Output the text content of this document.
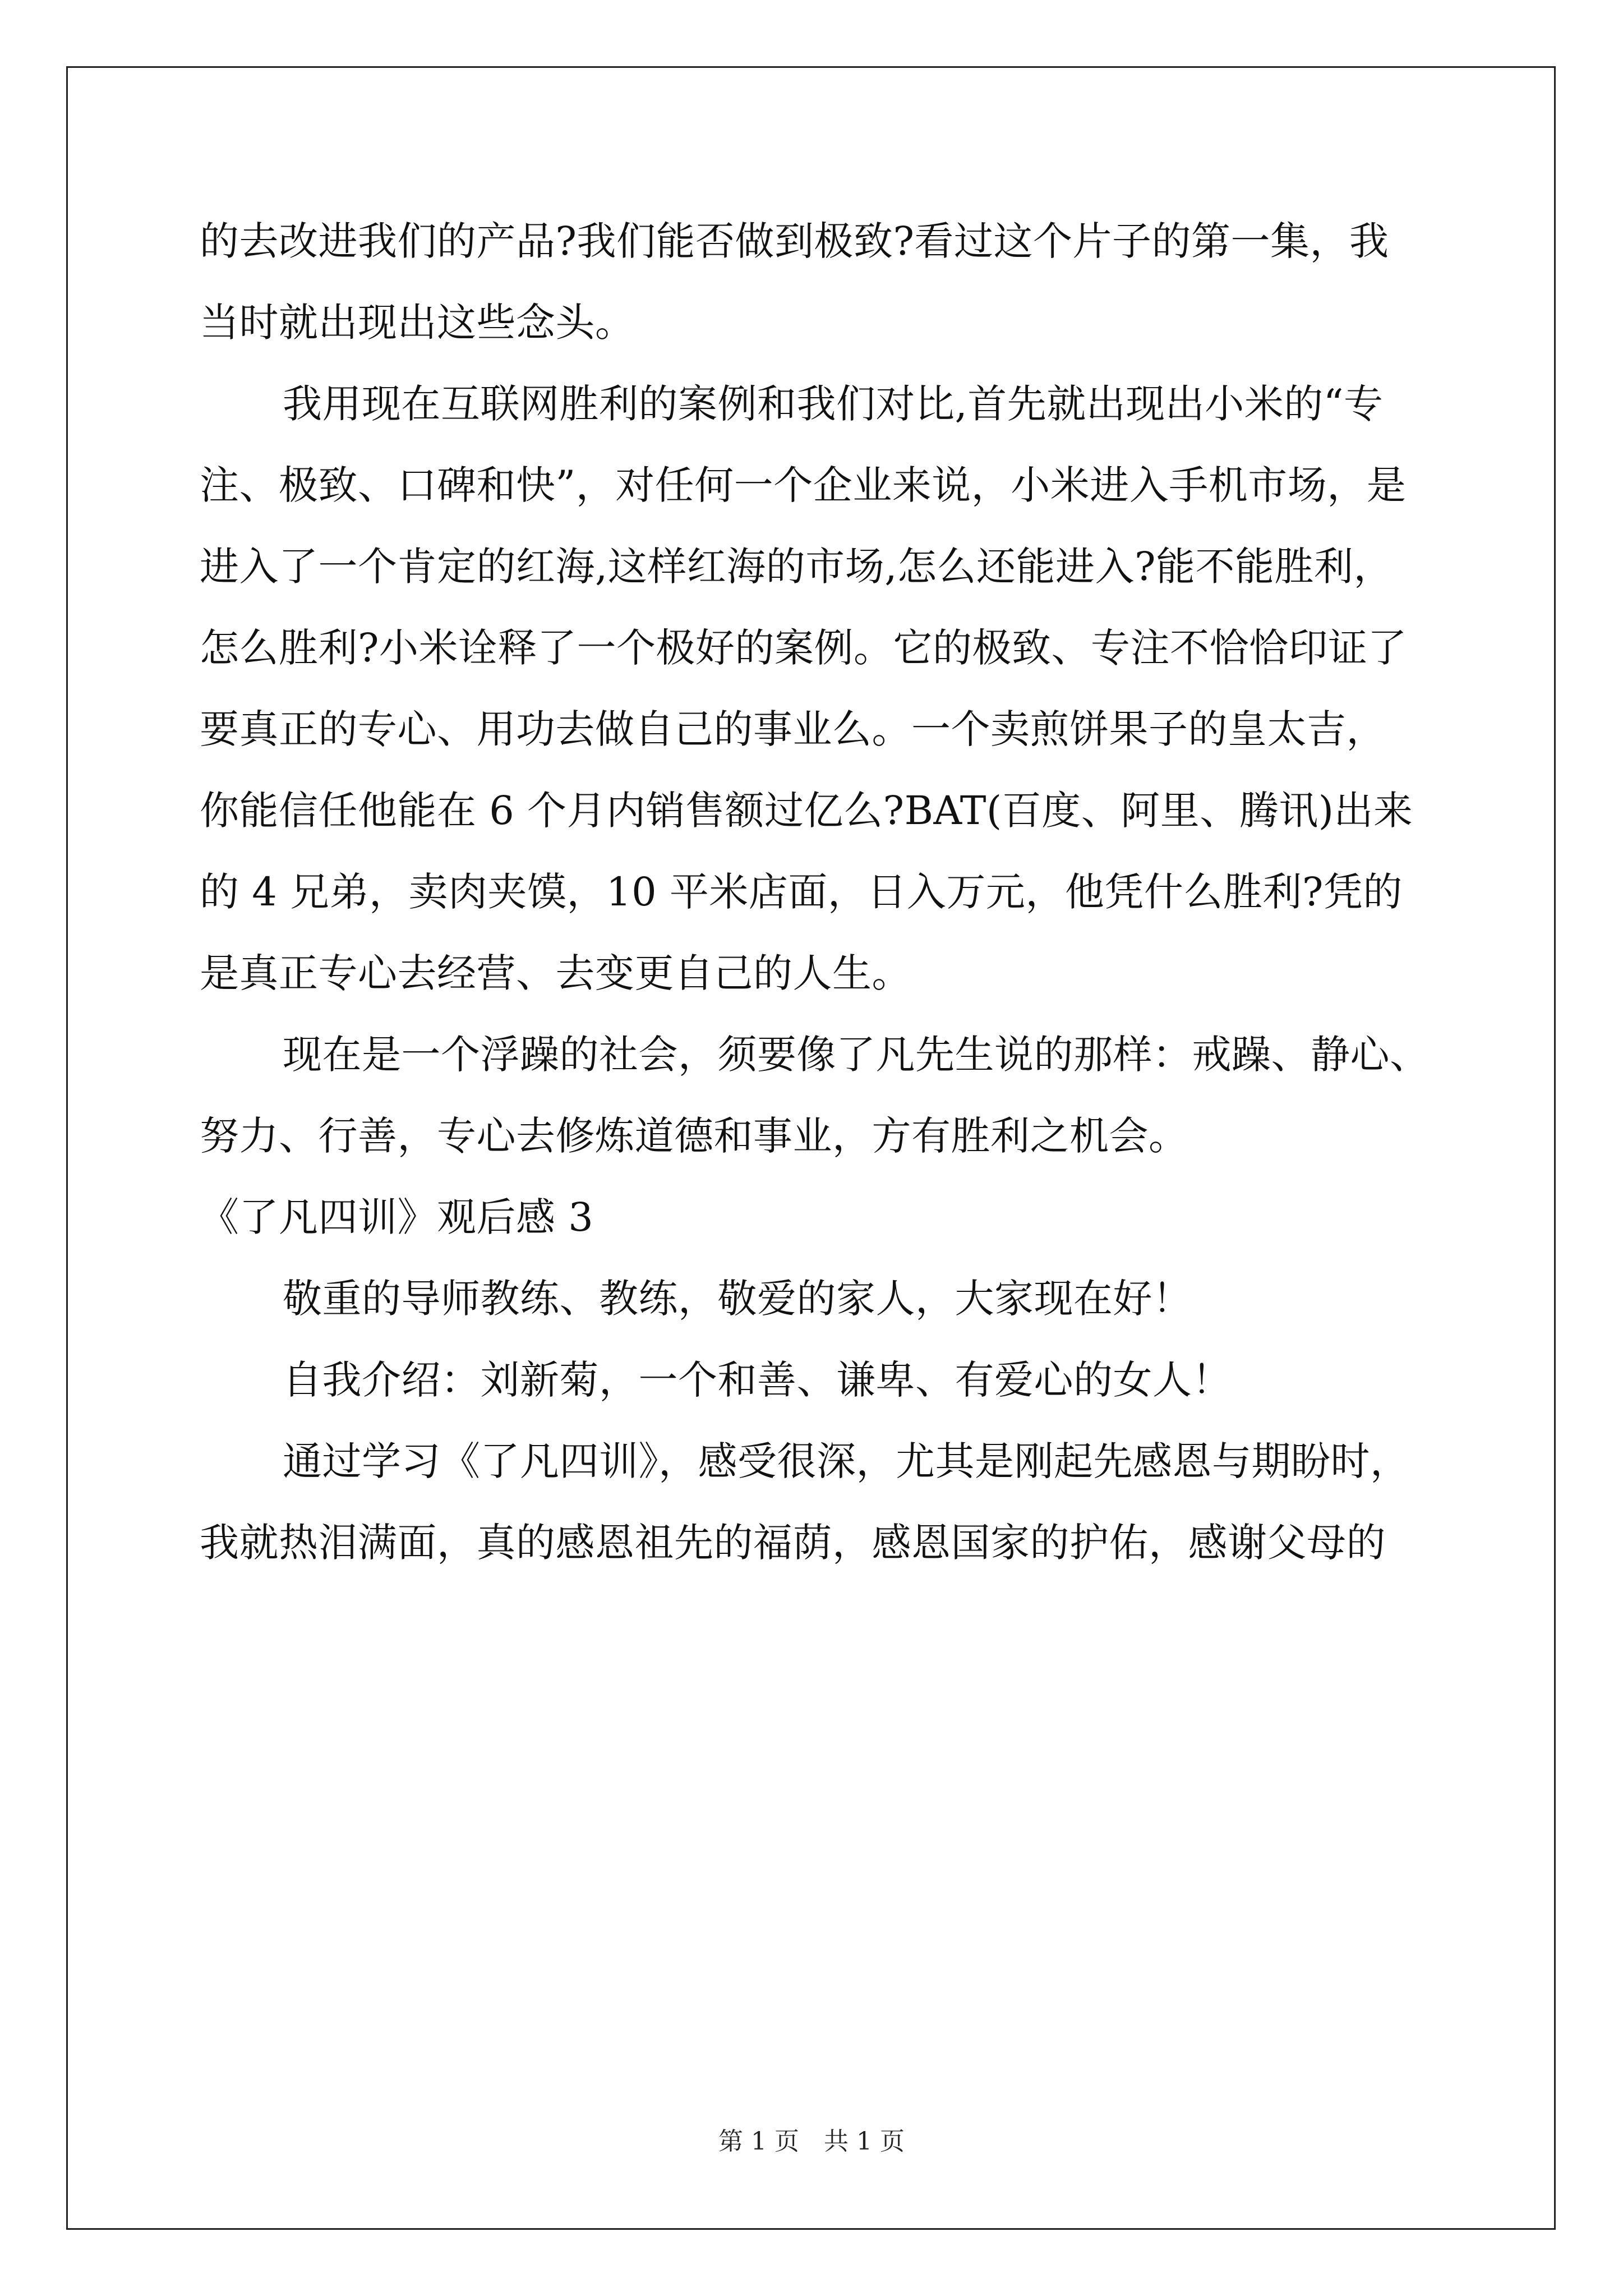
的去改进我们的产品?我们能否做到极致?看过这个片子的第一集，我
当时就出现出这些念头。
我用现在互联网胜利的案例和我们对比,首先就出现出小米的“专
注、极致、口碑和快”，对任何一个企业来说，小米进入手机市场，是
进入了一个肯定的红海,这样红海的市场,怎么还能进入?能不能胜利，
怎么胜利?小米诠释了一个极好的案例。它的极致、专注不恰恰印证了
要真正的专心、用功去做自己的事业么。一个卖煎饼果子的皇太吉，
你能信任他能在 6 个月内销售额过亿么?BAT(百度、阿里、腾讯)出来
的 4 兄弟，卖肉夹馍，10 平米店面，日入万元，他凭什么胜利?凭的
是真正专心去经营、去变更自己的人生。
现在是一个浮躁的社会，须要像了凡先生说的那样：戒躁、静心、
努力、行善，专心去修炼道德和事业，方有胜利之机会。
《了凡四训》观后感 3
敬重的导师教练、教练，敬爱的家人，大家现在好！
自我介绍：刘新菊，一个和善、谦卑、有爱心的女人！
通过学习《了凡四训》，感受很深，尤其是刚起先感恩与期盼时，
我就热泪满面，真的感恩祖先的福荫，感恩国家的护佑，感谢父母的
第 1 页　共 1 页
